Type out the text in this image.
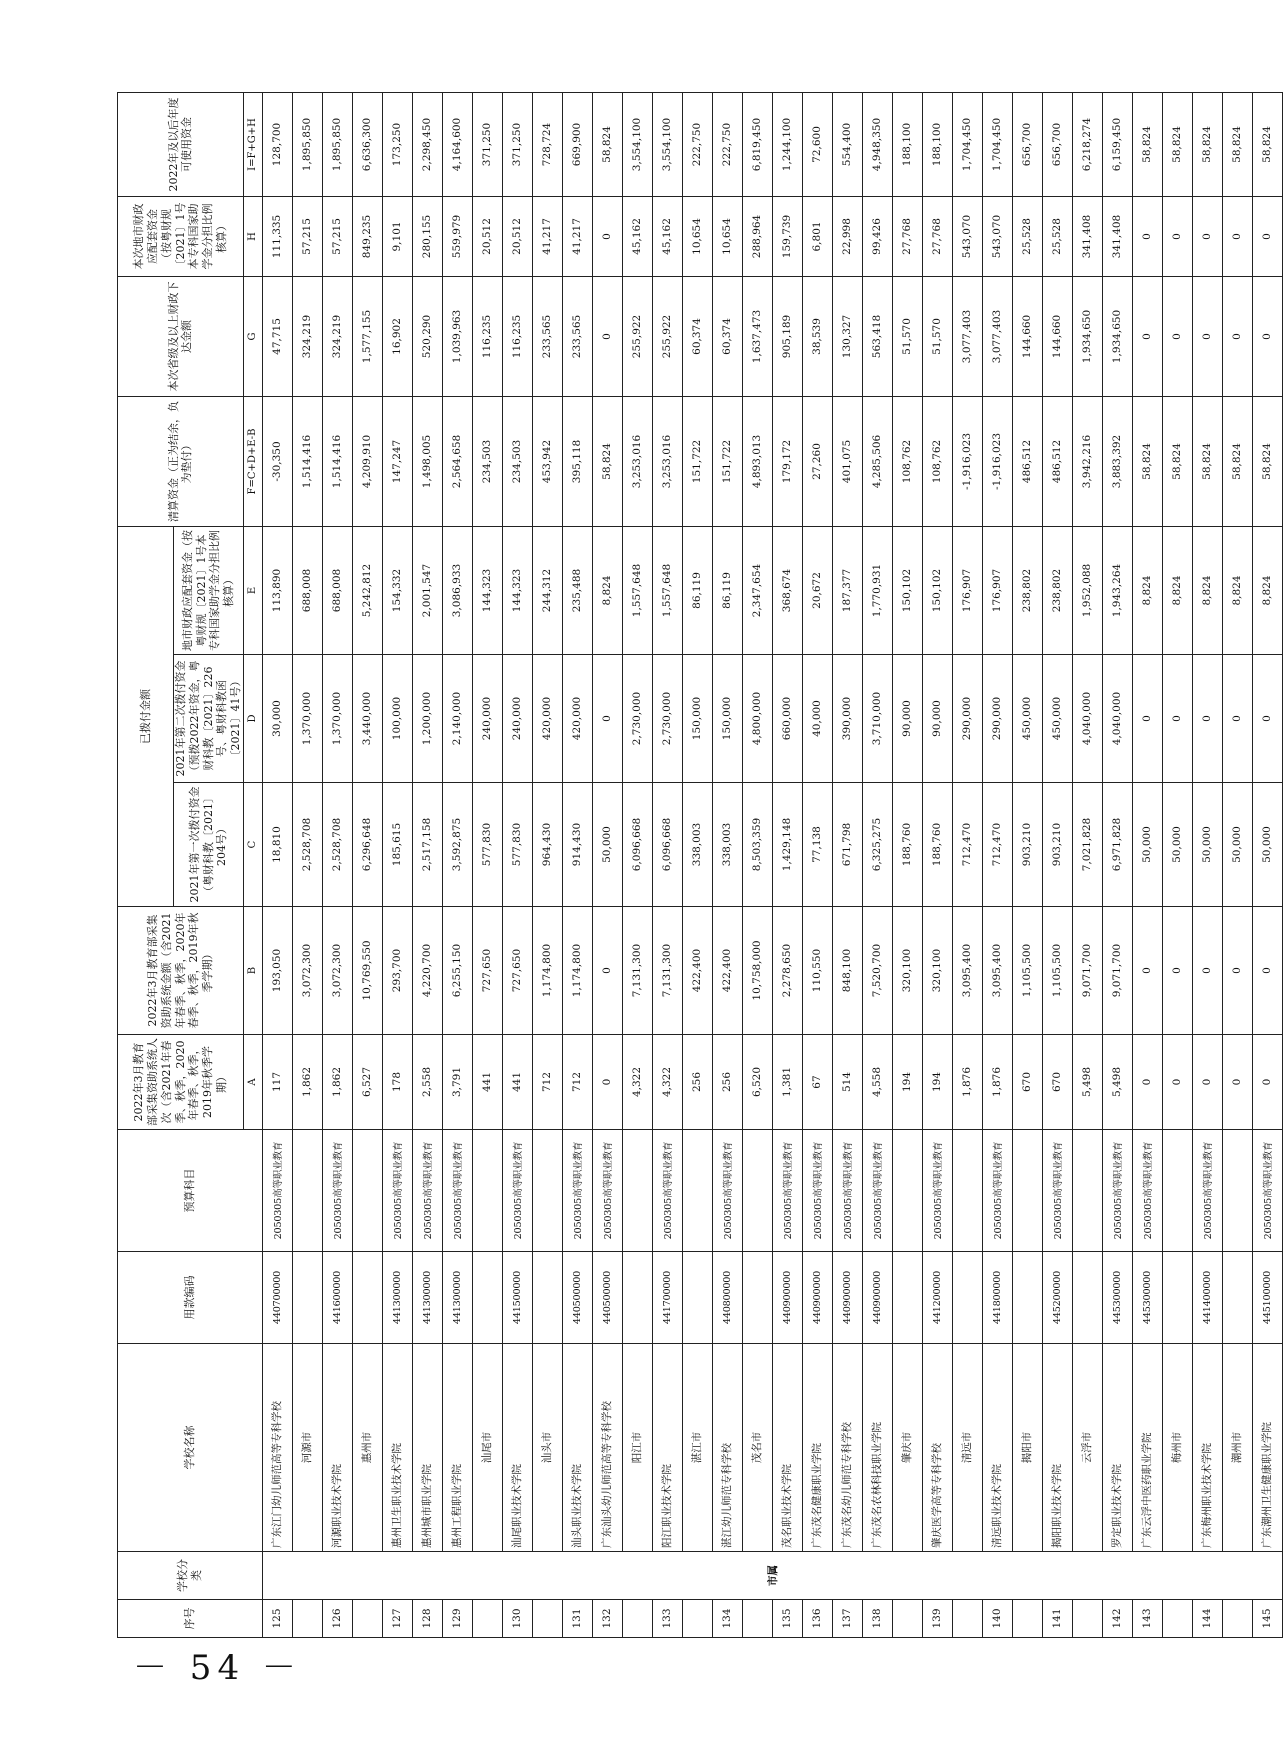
序号	学校分类	学校名称	用款编码	预算科目	2022年3月教育部采集资助系统人次（含2021年春季、秋季，2020年春季、秋季，2019年秋季学期）	2022年3月教育部采集资助系统金额（含2021年春季、秋季，2020年春季、秋季，2019年秋季学期）	已拨付金额			清算资金（正为结余，负为垫付）	本次省级及以上财政下达金额	本次地市财政应配套资金（按粤财规〔2021〕1号本专科国家助学金分担比例核算）	2022年及以后年度可使用资金
							2021年第一次拨付资金（粤财科教〔2021〕204号）	2021年第二次拨付资金（预拨2022年资金，粤财科教〔2021〕226号、粤财科教函〔2021〕41号）	地市财政应配套资金（按粤财规〔2021〕1号本专科国家助学金分担比例核算）				
					A	B	C	D	E	F=C+D+E-B	G	H	I=F+G+H
125	市属	广东江门幼儿师范高等专科学校	440700000	2050305高等职业教育	117	193,050	18,810	30,000	113,890	-30,350	47,715	111,335	128,700
		河源市			1,862	3,072,300	2,528,708	1,370,000	688,008	1,514,416	324,219	57,215	1,895,850
126		河源职业技术学院	441600000	2050305高等职业教育	1,862	3,072,300	2,528,708	1,370,000	688,008	1,514,416	324,219	57,215	1,895,850
		惠州市			6,527	10,769,550	6,296,648	3,440,000	5,242,812	4,209,910	1,577,155	849,235	6,636,300
127		惠州卫生职业技术学院	441300000	2050305高等职业教育	178	293,700	185,615	100,000	154,332	147,247	16,902	9,101	173,250
128		惠州城市职业学院	441300000	2050305高等职业教育	2,558	4,220,700	2,517,158	1,200,000	2,001,547	1,498,005	520,290	280,155	2,298,450
129		惠州工程职业学院	441300000	2050305高等职业教育	3,791	6,255,150	3,592,875	2,140,000	3,086,933	2,564,658	1,039,963	559,979	4,164,600
		汕尾市			441	727,650	577,830	240,000	144,323	234,503	116,235	20,512	371,250
130		汕尾职业技术学院	441500000	2050305高等职业教育	441	727,650	577,830	240,000	144,323	234,503	116,235	20,512	371,250
		汕头市			712	1,174,800	964,430	420,000	244,312	453,942	233,565	41,217	728,724
131		汕头职业技术学院	440500000	2050305高等职业教育	712	1,174,800	914,430	420,000	235,488	395,118	233,565	41,217	669,900
132		广东汕头幼儿师范高等专科学校	440500000	2050305高等职业教育	0	0	50,000	0	8,824	58,824	0	0	58,824
		阳江市			4,322	7,131,300	6,096,668	2,730,000	1,557,648	3,253,016	255,922	45,162	3,554,100
133		阳江职业技术学院	441700000	2050305高等职业教育	4,322	7,131,300	6,096,668	2,730,000	1,557,648	3,253,016	255,922	45,162	3,554,100
		湛江市			256	422,400	338,003	150,000	86,119	151,722	60,374	10,654	222,750
134		湛江幼儿师范专科学校	440800000	2050305高等职业教育	256	422,400	338,003	150,000	86,119	151,722	60,374	10,654	222,750
		茂名市			6,520	10,758,000	8,503,359	4,800,000	2,347,654	4,893,013	1,637,473	288,964	6,819,450
135		茂名职业技术学院	440900000	2050305高等职业教育	1,381	2,278,650	1,429,148	660,000	368,674	179,172	905,189	159,739	1,244,100
136		广东茂名健康职业学院	440900000	2050305高等职业教育	67	110,550	77,138	40,000	20,672	27,260	38,539	6,801	72,600
137		广东茂名幼儿师范专科学校	440900000	2050305高等职业教育	514	848,100	671,798	390,000	187,377	401,075	130,327	22,998	554,400
138		广东茂名农林科技职业学院	440900000	2050305高等职业教育	4,558	7,520,700	6,325,275	3,710,000	1,770,931	4,285,506	563,418	99,426	4,948,350
		肇庆市			194	320,100	188,760	90,000	150,102	108,762	51,570	27,768	188,100
139		肇庆医学高等专科学校	441200000	2050305高等职业教育	194	320,100	188,760	90,000	150,102	108,762	51,570	27,768	188,100
		清远市			1,876	3,095,400	712,470	290,000	176,907	-1,916,023	3,077,403	543,070	1,704,450
140		清远职业技术学院	441800000	2050305高等职业教育	1,876	3,095,400	712,470	290,000	176,907	-1,916,023	3,077,403	543,070	1,704,450
		揭阳市			670	1,105,500	903,210	450,000	238,802	486,512	144,660	25,528	656,700
141		揭阳职业技术学院	445200000	2050305高等职业教育	670	1,105,500	903,210	450,000	238,802	486,512	144,660	25,528	656,700
		云浮市			5,498	9,071,700	7,021,828	4,040,000	1,952,088	3,942,216	1,934,650	341,408	6,218,274
142		罗定职业技术学院	445300000	2050305高等职业教育	5,498	9,071,700	6,971,828	4,040,000	1,943,264	3,883,392	1,934,650	341,408	6,159,450
143		广东云浮中医药职业学院	445300000	2050305高等职业教育	0	0	50,000	0	8,824	58,824	0	0	58,824
		梅州市			0	0	50,000	0	8,824	58,824	0	0	58,824
144		广东梅州职业技术学院	441400000	2050305高等职业教育	0	0	50,000	0	8,824	58,824	0	0	58,824
		潮州市			0	0	50,000	0	8,824	58,824	0	0	58,824
145		广东潮州卫生健康职业学院	445100000	2050305高等职业教育	0	0	50,000	0	8,824	58,824	0	0	58,824
－ 54 －
